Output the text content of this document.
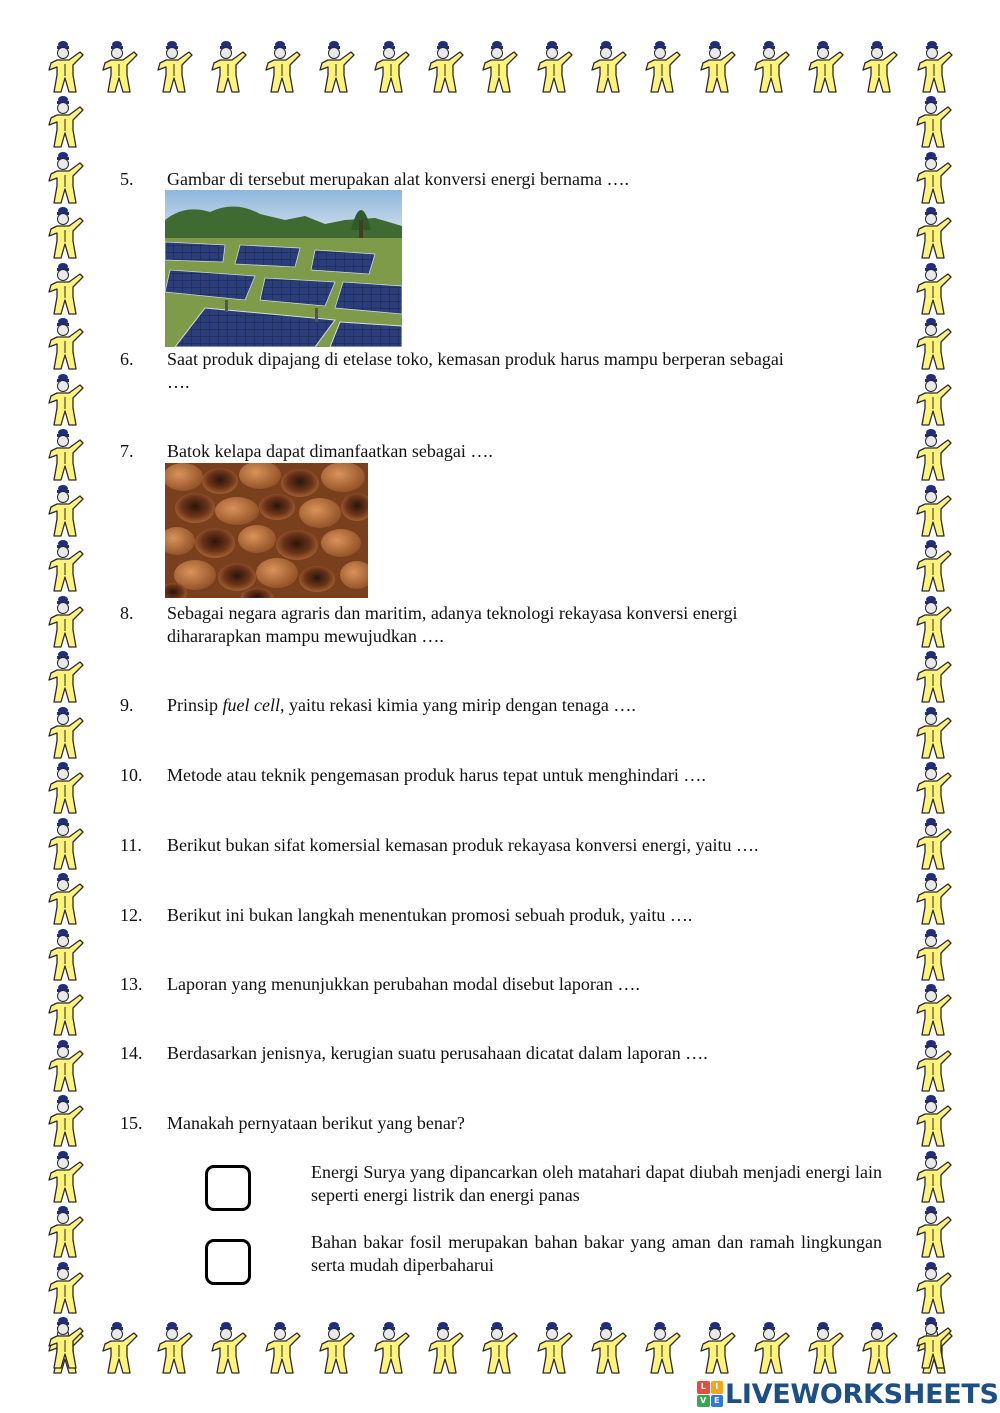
5.	Gambar di tersebut merupakan alat konversi energi bernama ….
6.	Saat produk dipajang di etelase toko, kemasan produk harus mampu berperan sebagai
….
7.	Batok kelapa dapat dimanfaatkan sebagai ….
8.	Sebagai negara agraris dan maritim, adanya teknologi rekayasa konversi energi
dihararapkan mampu mewujudkan ….
9.	Prinsip fuel cell, yaitu rekasi kimia yang mirip dengan tenaga ….
10.	Metode atau teknik pengemasan produk harus tepat untuk menghindari ….
11.	Berikut bukan sifat komersial kemasan produk rekayasa konversi energi, yaitu ….
12.	Berikut ini bukan langkah menentukan promosi sebuah produk, yaitu ….
13.	Laporan yang menunjukkan perubahan modal disebut laporan ….
14.	Berdasarkan jenisnya, kerugian suatu perusahaan dicatat dalam laporan ….
15.	Manakah pernyataan berikut yang benar?
Energi Surya yang dipancarkan oleh matahari dapat diubah menjadi energi lain seperti energi listrik dan energi panas
Bahan bakar fosil merupakan bahan bakar yang aman dan ramah lingkungan serta mudah diperbaharui
L	I
V E LIVEWORKSHEETS
